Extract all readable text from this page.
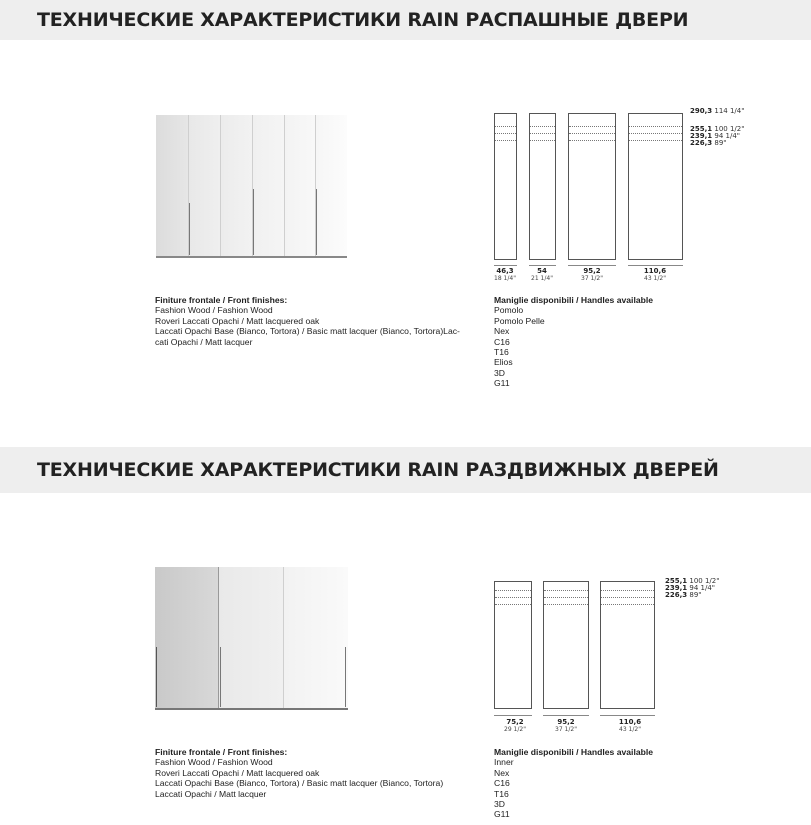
ТЕХНИЧЕСКИЕ ХАРАКТЕРИСТИКИ RAIN РАСПАШНЫЕ ДВЕРИ
290,3 114 1/4"
255,1 100 1/2"
239,1 94 1/4"
226,3 89"
46,3
18 1/4"
54
21 1/4"
95,2
37 1/2"
110,6
43 1/2"
Finiture frontale / Front finishes:
Fashion Wood / Fashion Wood
Roveri Laccati Opachi / Matt lacquered oak
Laccati Opachi Base (Bianco, Tortora) / Basic matt lacquer (Bianco, Tortora)Lac-
cati Opachi / Matt lacquer
Maniglie disponibili / Handles available
Pomolo
Pomolo Pelle
Nex
C16
T16
Elios
3D
G11
ТЕХНИЧЕСКИЕ ХАРАКТЕРИСТИКИ RAIN РАЗДВИЖНЫХ ДВЕРЕЙ
255,1 100 1/2"
239,1 94 1/4"
226,3 89"
75,2
29 1/2"
95,2
37 1/2"
110,6
43 1/2"
Finiture frontale / Front finishes:
Fashion Wood / Fashion Wood
Roveri Laccati Opachi / Matt lacquered oak
Laccati Opachi Base (Bianco, Tortora) / Basic matt lacquer (Bianco, Tortora)
Laccati Opachi / Matt lacquer
Maniglie disponibili / Handles available
Inner
Nex
C16
T16
3D
G11
